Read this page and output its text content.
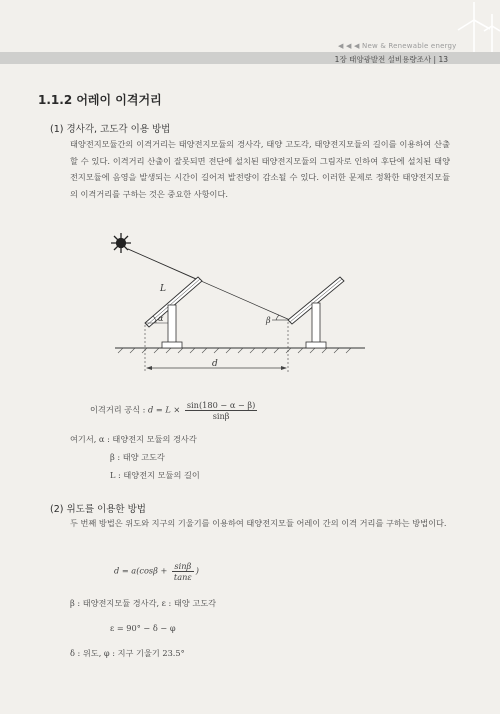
◀ ◀ ◀ New & Renewable energy
1장 태양광발전 설비용량조사 | 13
1.1.2 어레이 이격거리
(1) 경사각, 고도각 이용 방법
태양전지모듈간의 이격거리는 태양전지모듈의 경사각, 태양 고도각, 태양전지모듈의 길이를 이용하여 산출할 수 있다. 이격거리 산출이 잘못되면 전단에 설치된 태양전지모듈의 그림자로 인하여 후단에 설치된 태양전지모듈에 음영을 발생되는 시간이 길어져 발전량이 감소될 수 있다. 이러한 문제로 정확한 태양전지모듈의 이격거리를 구하는 것은 중요한 사항이다.
d
L
α	β
이격거리 공식 : $d = L \times \frac{\sin(180 - \alpha - \beta)}{\sin\beta}$
여기서, α : 태양전지 모듈의 경사각
β : 태양 고도각
L : 태양전지 모듈의 길이
(2) 위도를 이용한 방법
두 번째 방법은 위도와 지구의 기울기를 이용하여 태양전지모듈 어레이 간의 이격 거리를 구하는 방법이다.
$d = a(\cos\beta + \frac{\sin\beta}{\tan\varepsilon}$ )
β : 태양전지모듈 경사각, ε : 태양 고도각
ε = 90° − δ − φ
δ : 위도, φ : 지구 기울기 23.5°
